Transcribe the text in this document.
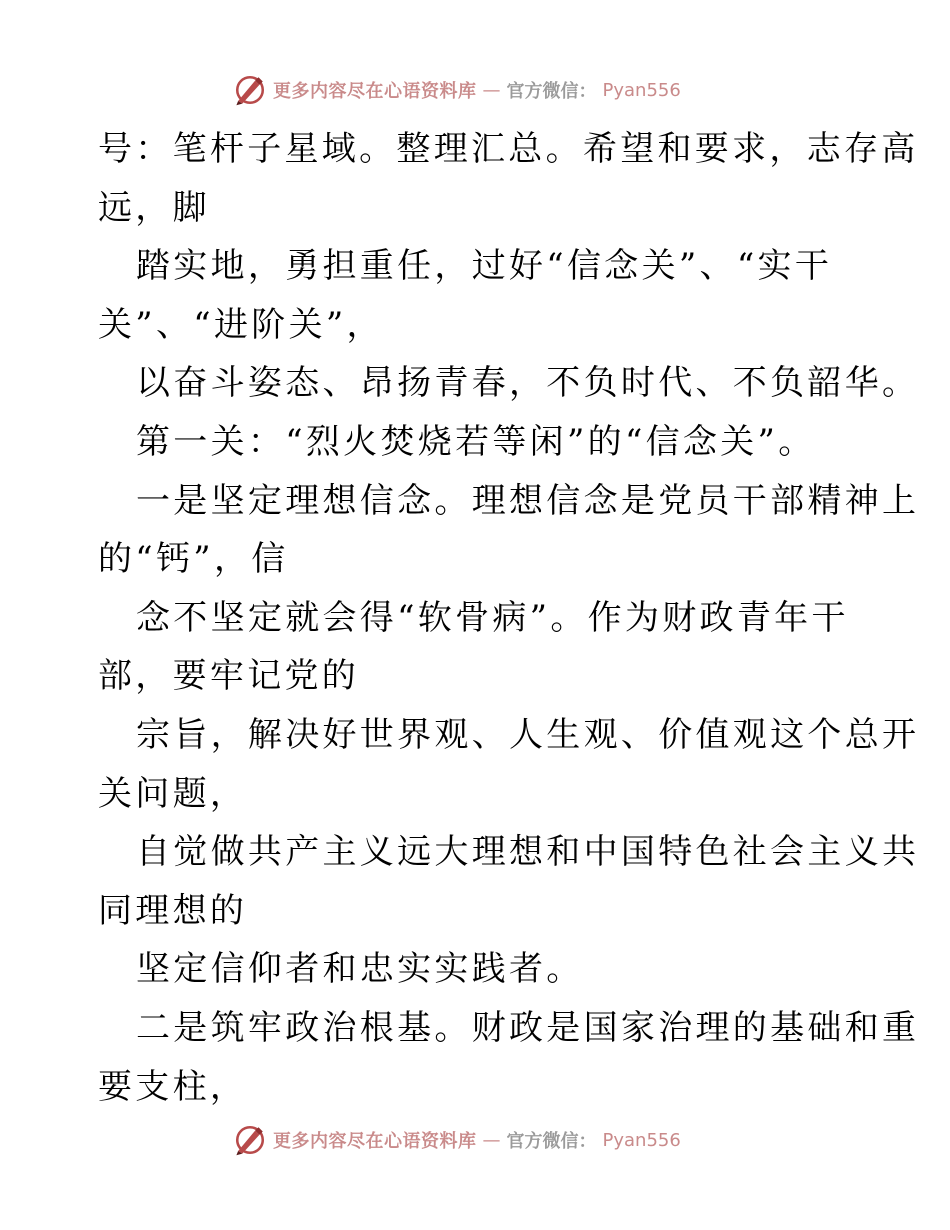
更多内容尽在心语资料库 — 官方微信： Pyan556
号：笔杆子星域。整理汇总。希望和要求，志存高
远，脚
踏实地，勇担重任，过好“信念关”、“实干
关”、“进阶关”，
以奋斗姿态、昂扬青春，不负时代、不负韶华。
第一关：“烈火焚烧若等闲”的“信念关”。
一是坚定理想信念。理想信念是党员干部精神上
的“钙”，信
念不坚定就会得“软骨病”。作为财政青年干
部，要牢记党的
宗旨，解决好世界观、人生观、价值观这个总开
关问题，
自觉做共产主义远大理想和中国特色社会主义共
同理想的
坚定信仰者和忠实实践者。
二是筑牢政治根基。财政是国家治理的基础和重
要支柱，
更多内容尽在心语资料库 — 官方微信： Pyan556
